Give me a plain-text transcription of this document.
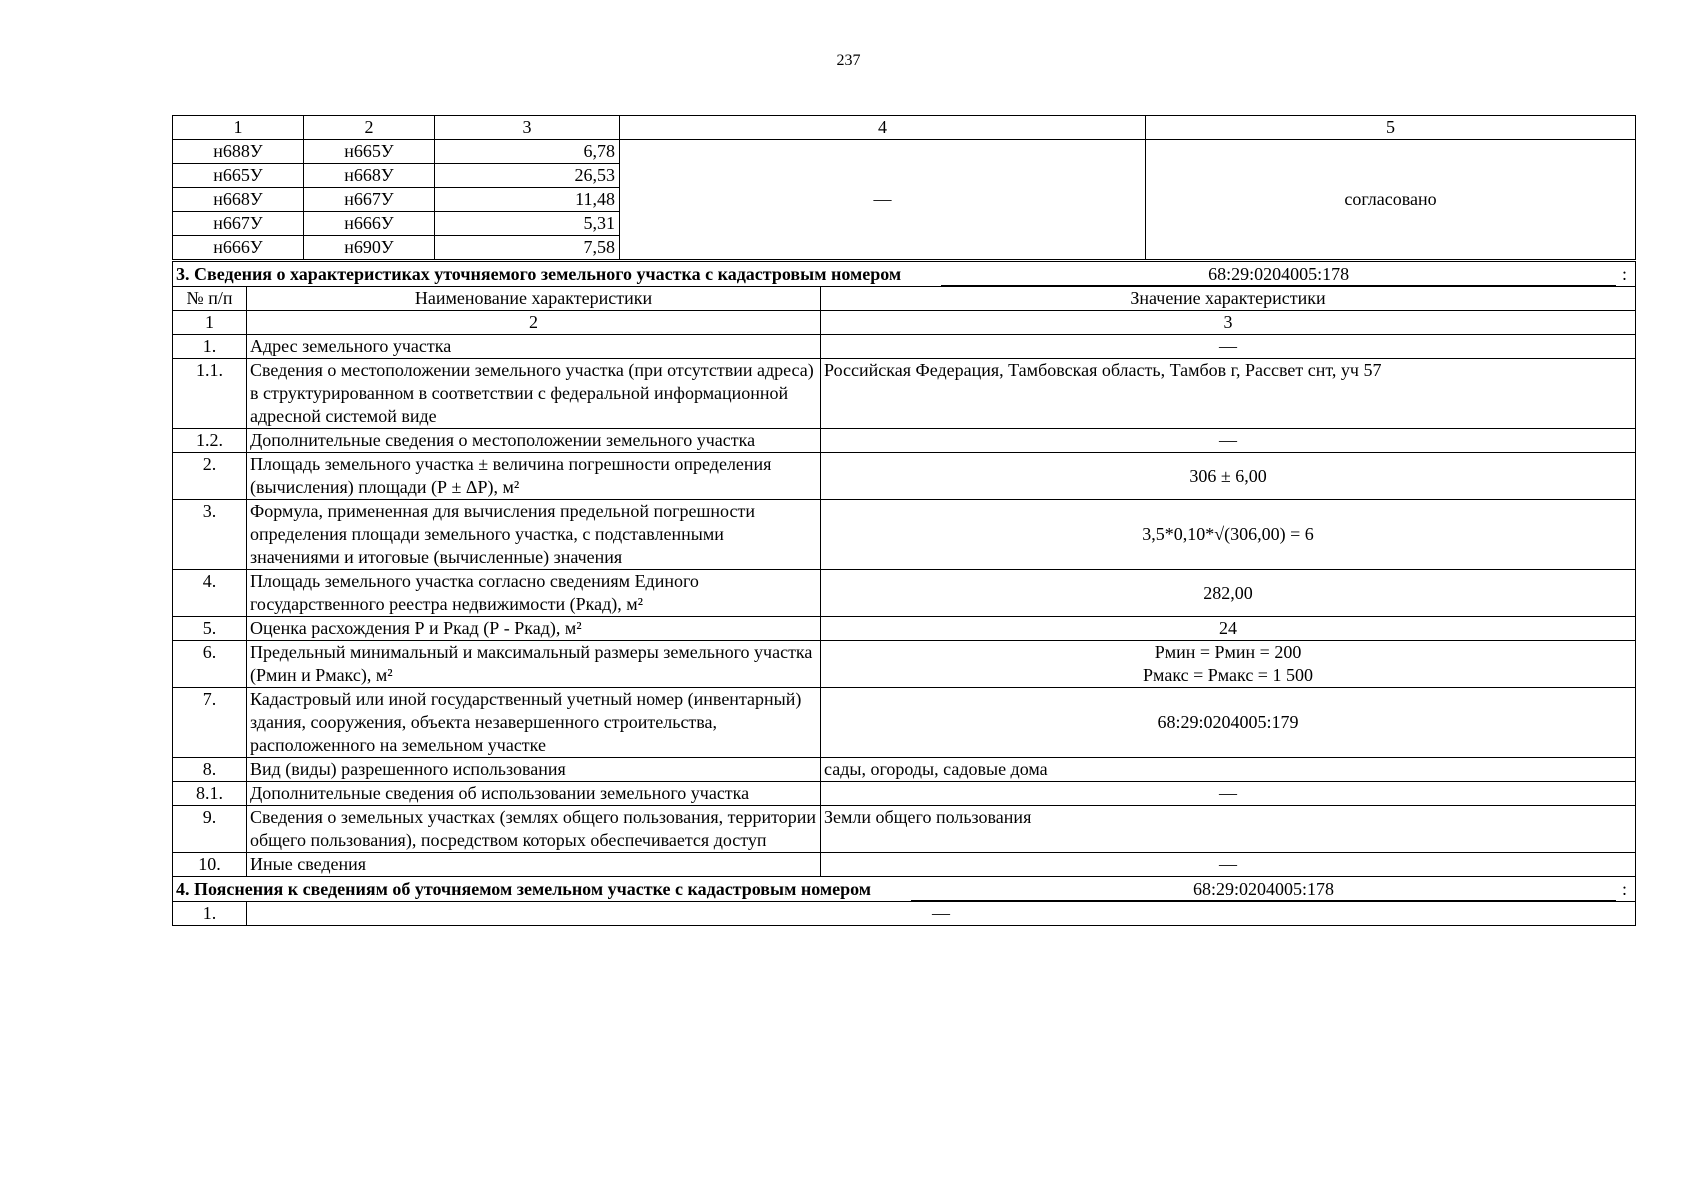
237
1	2	3	4	5
н688У	н665У	6,78	—	согласовано
н665У	н668У	26,53		
н668У	н667У	11,48		
н667У	н666У	5,31		
н666У	н690У	7,58		
3. Сведения о характеристиках уточняемого земельного участка с кадастровым номером 68:29:0204005:178 :		

№ п/п	Наименование характеристики	Значение характеристики
1	2	3
1.	Адрес земельного участка	—
1.1.	Сведения о местоположении земельного участка (при отсутствии адреса) в структурированном в соответствии с федеральной информационной адресной системой виде	Российская Федерация, Тамбовская область, Тамбов г, Рассвет снт, уч 57
1.2.	Дополнительные сведения о местоположении земельного участка	—
2.	Площадь земельного участка ± величина погрешности определения (вычисления) площади (Р ± ΔР), м²	306 ± 6,00
3.	Формула, примененная для вычисления предельной погрешности определения площади земельного участка, с подставленными значениями и итоговые (вычисленные) значения	3,5*0,10*√(306,00) = 6
4.	Площадь земельного участка согласно сведениям Единого государственного реестра недвижимости (Ркад), м²	282,00
5.	Оценка расхождения Р и Ркад (Р - Ркад), м²	24
6.	Предельный минимальный и максимальный размеры земельного участка (Рмин и Рмакс), м²	Рмин = Рмин = 200
Рмакс = Рмакс = 1 500

7.	Кадастровый или иной государственный учетный номер (инвентарный) здания, сооружения, объекта незавершенного строительства, расположенного на земельном участке	68:29:0204005:179
8.	Вид (виды) разрешенного использования	сады, огороды, садовые дома
8.1.	Дополнительные сведения об использовании земельного участка	—
9.	Сведения о земельных участках (землях общего пользования, территории общего пользования), посредством которых обеспечивается доступ	Земли общего пользования
10.	Иные сведения	—

4. Пояснения к сведениям об уточняемом земельном участке с кадастровым номером 68:29:0204005:178 :		

1.	—	
